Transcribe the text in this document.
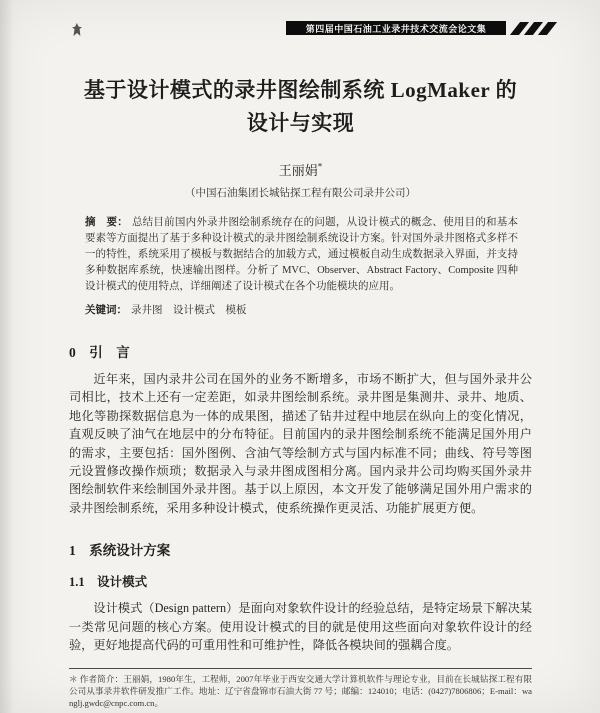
第四届中国石油工业录井技术交流会论文集
基于设计模式的录井图绘制系统 LogMaker 的
设计与实现
王丽娟*
（中国石油集团长城钻探工程有限公司录井公司）

摘　要： 总结目前国内外录井图绘制系统存在的问题，从设计模式的概念、使用目的和基本要素等方面提出了基于多种设计模式的录井图绘制系统设计方案。针对国外录井图格式多样不一的特性，系统采用了模板与数据结合的加载方式，通过模板自动生成数据录入界面，并支持多种数据库系统，快速输出图样。分析了 MVC、Observer、Abstract Factory、Composite 四种设计模式的使用特点，详细阐述了设计模式在各个功能模块的应用。

关键词： 录井图　设计模式　模板

0　引　言

近年来，国内录井公司在国外的业务不断增多，市场不断扩大，但与国外录井公司相比，技术上还有一定差距，如录井图绘制系统。录井图是集测井、录井、地质、地化等勘探数据信息为一体的成果图，描述了钻井过程中地层在纵向上的变化情况，直观反映了油气在地层中的分布特征。目前国内的录井图绘制系统不能满足国外用户的需求，主要包括：国外图例、含油气等绘制方式与国内标准不同；曲线、符号等图元设置修改操作烦琐；数据录入与录井图成图相分离。国内录井公司均购买国外录井图绘制软件来绘制国外录井图。基于以上原因，本文开发了能够满足国外用户需求的录井图绘制系统，采用多种设计模式，使系统操作更灵活、功能扩展更方便。

1　系统设计方案
1.1　设计模式

设计模式（Design pattern）是面向对象软件设计的经验总结，是特定场景下解决某一类常见问题的核心方案。使用设计模式的目的就是使用这些面向对象软件设计的经验，更好地提高代码的可重用性和可维护性，降低各模块间的强耦合度。

＊ 作者简介：王丽娟，1980年生，工程师，2007年毕业于西安交通大学计算机软件与理论专业，目前在长城钻探工程有限公司从事录井软件研发推广工作。地址：辽宁省盘锦市石油大街 77 号；邮编：124010；电话：(0427)7806806；E-mail：wanglj.gwdc@cnpc.com.cn。
